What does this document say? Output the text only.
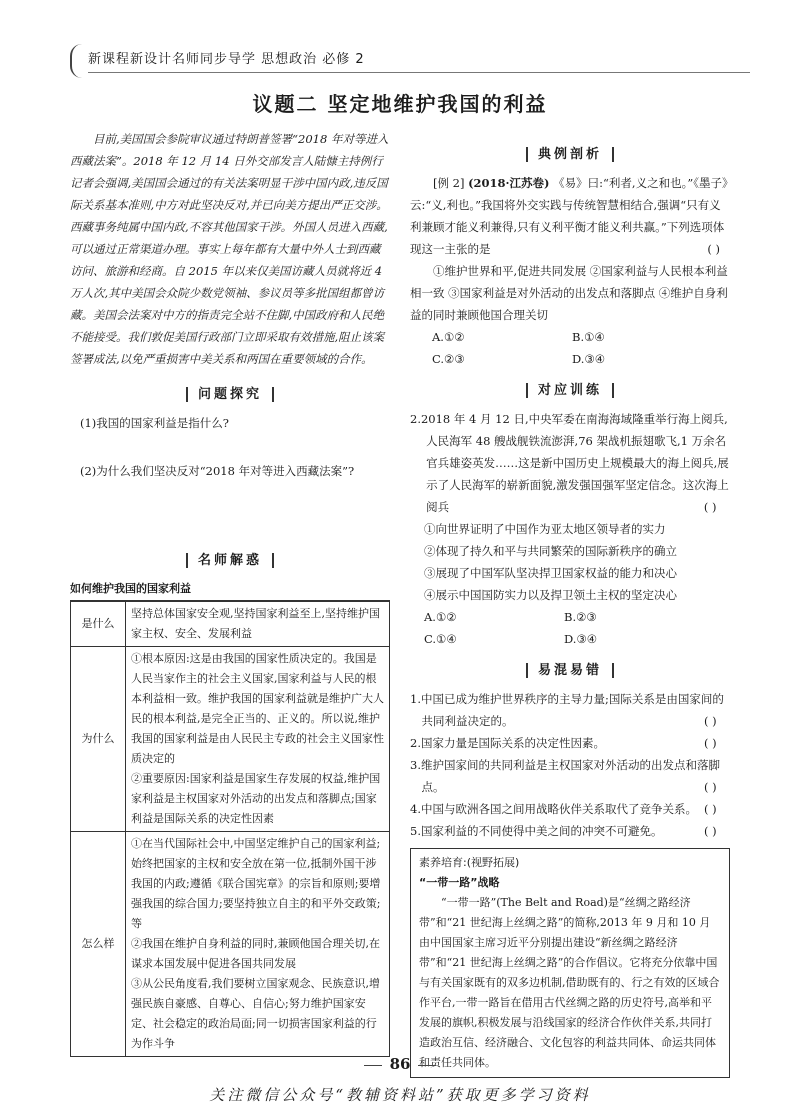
新课程新设计名师同步导学 思想政治 必修 2
议题二 坚定地维护我国的利益

目前,美国国会参院审议通过特朗普签署“2018 年对等进入西藏法案”。2018 年 12 月 14 日外交部发言人陆慷主持例行记者会强调,美国国会通过的有关法案明显干涉中国内政,违反国际关系基本准则,中方对此坚决反对,并已向美方提出严正交涉。西藏事务纯属中国内政,不容其他国家干涉。外国人员进入西藏,可以通过正常渠道办理。事实上每年都有大量中外人士到西藏访问、旅游和经商。自 2015 年以来仅美国访藏人员就将近 4 万人次,其中美国会众院少数党领袖、参议员等多批国组都曾访藏。美国会法案对中方的指责完全站不住脚,中国政府和人民绝不能接受。我们敦促美国行政部门立即采取有效措施,阻止该案签署成法,以免严重损害中美关系和两国在重要领域的合作。

问题探究

(1)我国的国家利益是指什么?

(2)为什么我们坚决反对“2018 年对等进入西藏法案”?

名师解惑
如何维护我国的国家利益
是什么	坚持总体国家安全观,坚持国家利益至上,坚持维护国家主权、安全、发展利益
为什么	①根本原因:这是由我国的国家性质决定的。我国是人民当家作主的社会主义国家,国家利益与人民的根本利益相一致。维护我国的国家利益就是维护广大人民的根本利益,是完全正当的、正义的。所以说,维护我国的国家利益是由人民民主专政的社会主义国家性质决定的
②重要原因:国家利益是国家生存发展的权益,维护国家利益是主权国家对外活动的出发点和落脚点;国家利益是国际关系的决定性因素
怎么样	①在当代国际社会中,中国坚定维护自己的国家利益;始终把国家的主权和安全放在第一位,抵制外国干涉我国的内政;遵循《联合国宪章》的宗旨和原则;要增强我国的综合国力;要坚持独立自主的和平外交政策;等
②我国在维护自身利益的同时,兼顾他国合理关切,在谋求本国发展中促进各国共同发展
③从公民角度看,我们要树立国家观念、民族意识,增强民族自豪感、自尊心、自信心;努力维护国家安定、社会稳定的政治局面;同一切损害国家利益的行为作斗争
典例剖析

[例 2] (2018·江苏卷) 《易》曰:“利者,义之和也。”《墨子》云:“义,利也。”我国将外交实践与传统智慧相结合,强调“只有义利兼顾才能义利兼得,只有义利平衡才能义利共赢。”下列选项体现这一主张的是	( )

①维护世界和平,促进共同发展 ②国家利益与人民根本利益相一致 ③国家利益是对外活动的出发点和落脚点 ④维护自身利益的同时兼顾他国合理关切

A.①②	B.①④
C.②③	D.③④
对应训练

2.2018 年 4 月 12 日,中央军委在南海海域隆重举行海上阅兵,人民海军 48 艘战舰铁流澎湃,76 架战机振翅歌飞,1 万余名官兵雄姿英发……这是新中国历史上规模最大的海上阅兵,展示了人民海军的崭新面貌,激发强国强军坚定信念。这次海上阅兵	( )

①向世界证明了中国作为亚太地区领导者的实力

②体现了持久和平与共同繁荣的国际新秩序的确立

③展现了中国军队坚决捍卫国家权益的能力和决心

④展示中国国防实力以及捍卫领土主权的坚定决心

A.①②	B.②③
C.①④	D.③④
易混易错

1.中国已成为维护世界秩序的主导力量;国际关系是由国家间的共同利益决定的。	( )

2.国家力量是国际关系的决定性因素。	( )

3.维护国家间的共同利益是主权国家对外活动的出发点和落脚点。	( )

4.中国与欧洲各国之间用战略伙伴关系取代了竞争关系。 ( )

5.国家利益的不同使得中美之间的冲突不可避免。	( )

素养培育:(视野拓展)
“一带一路”战略

“一带一路”(The Belt and Road)是“丝绸之路经济带”和“21 世纪海上丝绸之路”的简称,2013 年 9 月和 10 月由中国国家主席习近平分别提出建设“新丝绸之路经济带”和“21 世纪海上丝绸之路”的合作倡议。它将充分依靠中国与有关国家既有的双多边机制,借助既有的、行之有效的区域合作平台,一带一路旨在借用古代丝绸之路的历史符号,高举和平发展的旗帜,积极发展与沿线国家的经济合作伙伴关系,共同打造政治互信、经济融合、文化包容的利益共同体、命运共同体和责任共同体。

86
关注微信公众号“教辅资料站”获取更多学习资料
